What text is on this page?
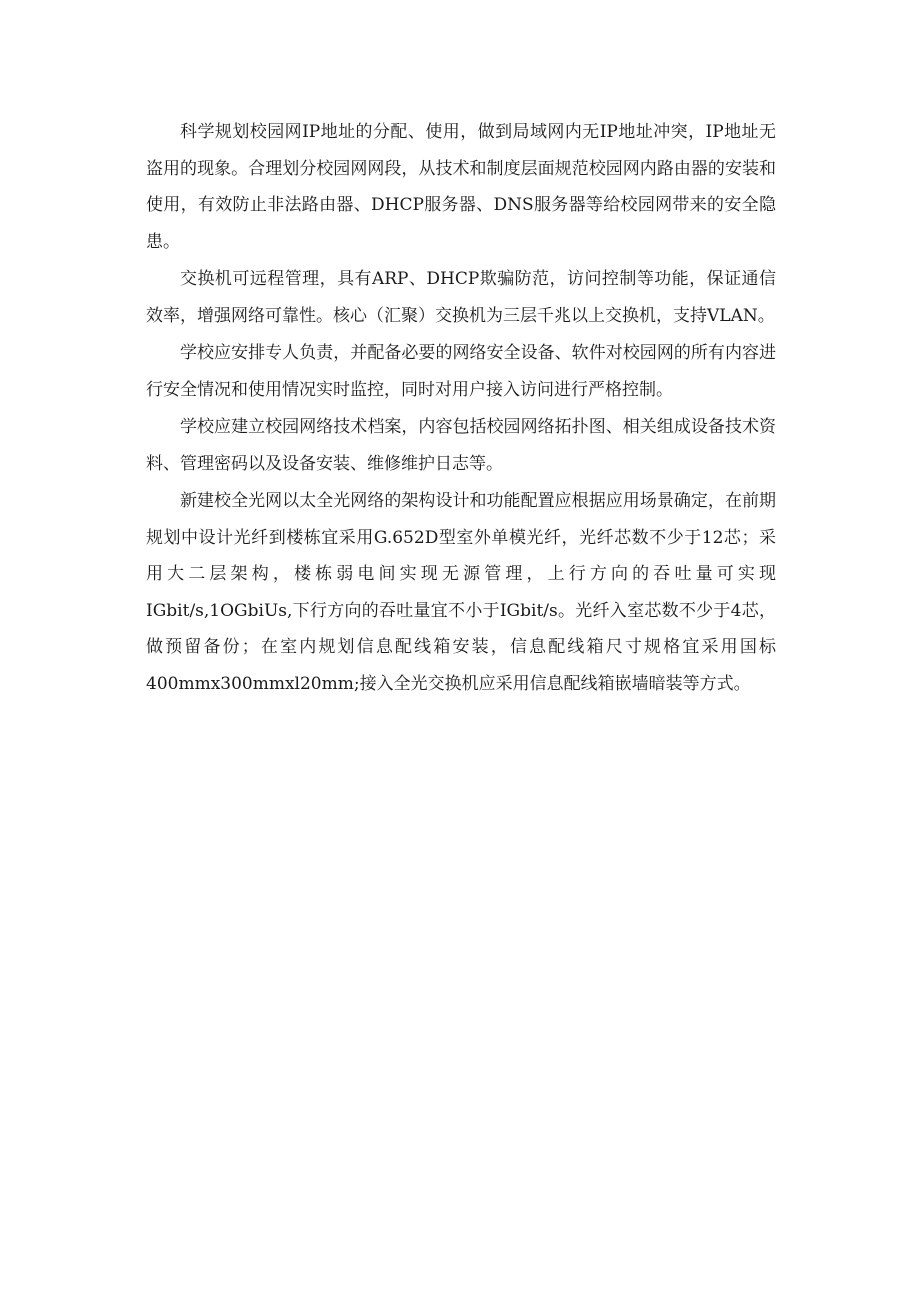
科学规划校园网IP地址的分配、使用，做到局域网内无IP地址冲突，IP地址无盗用的现象。合理划分校园网网段，从技术和制度层面规范校园网内路由器的安装和使用，有效防止非法路由器、DHCP服务器、DNS服务器等给校园网带来的安全隐患。

交换机可远程管理，具有ARP、DHCP欺骗防范，访问控制等功能，保证通信效率，增强网络可靠性。核心（汇聚）交换机为三层千兆以上交换机，支持VLAN。

学校应安排专人负责，并配备必要的网络安全设备、软件对校园网的所有内容进行安全情况和使用情况实时监控，同时对用户接入访问进行严格控制。

学校应建立校园网络技术档案，内容包括校园网络拓扑图、相关组成设备技术资料、管理密码以及设备安装、维修维护日志等。

新建校全光网以太全光网络的架构设计和功能配置应根据应用场景确定，在前期规划中设计光纤到楼栋宜采用G.652D型室外单模光纤，光纤芯数不少于12芯；采用大二层架构，楼栋弱电间实现无源管理，上行方向的吞吐量可实现IGbit/s,1OGbiUs,下行方向的吞吐量宜不小于IGbit/s。光纤入室芯数不少于4芯，做预留备份；在室内规划信息配线箱安装，信息配线箱尺寸规格宜采用国标400mmx300mmxl20mm;接入全光交换机应采用信息配线箱嵌墙暗装等方式。
